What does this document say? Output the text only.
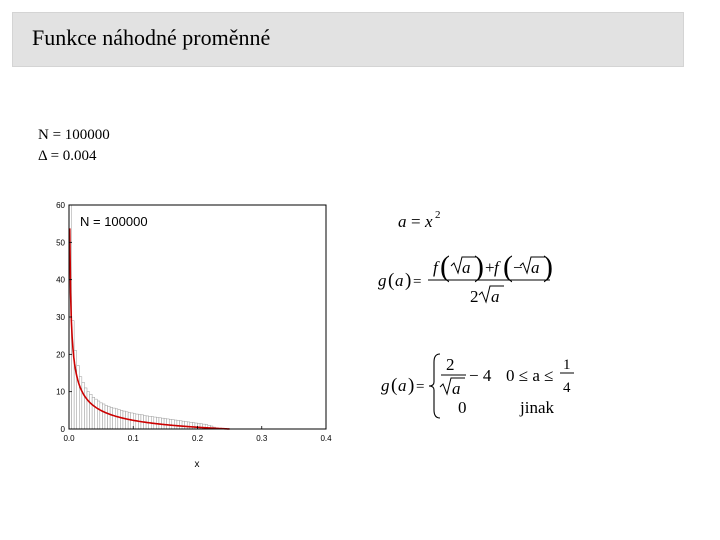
Funkce náhodné proměnné
N = 100000
Δ = 0.004
0
10
20
30
40
50
60
0.0	0.1	0.2	0.3	0.4
N = 100000
x
a = x 2
g ( a ) =
f ( a ) + f ( − a )
2 a
g ( a ) =
2
a
− 4 0 ≤ a ≤
1
4
0	jinak
